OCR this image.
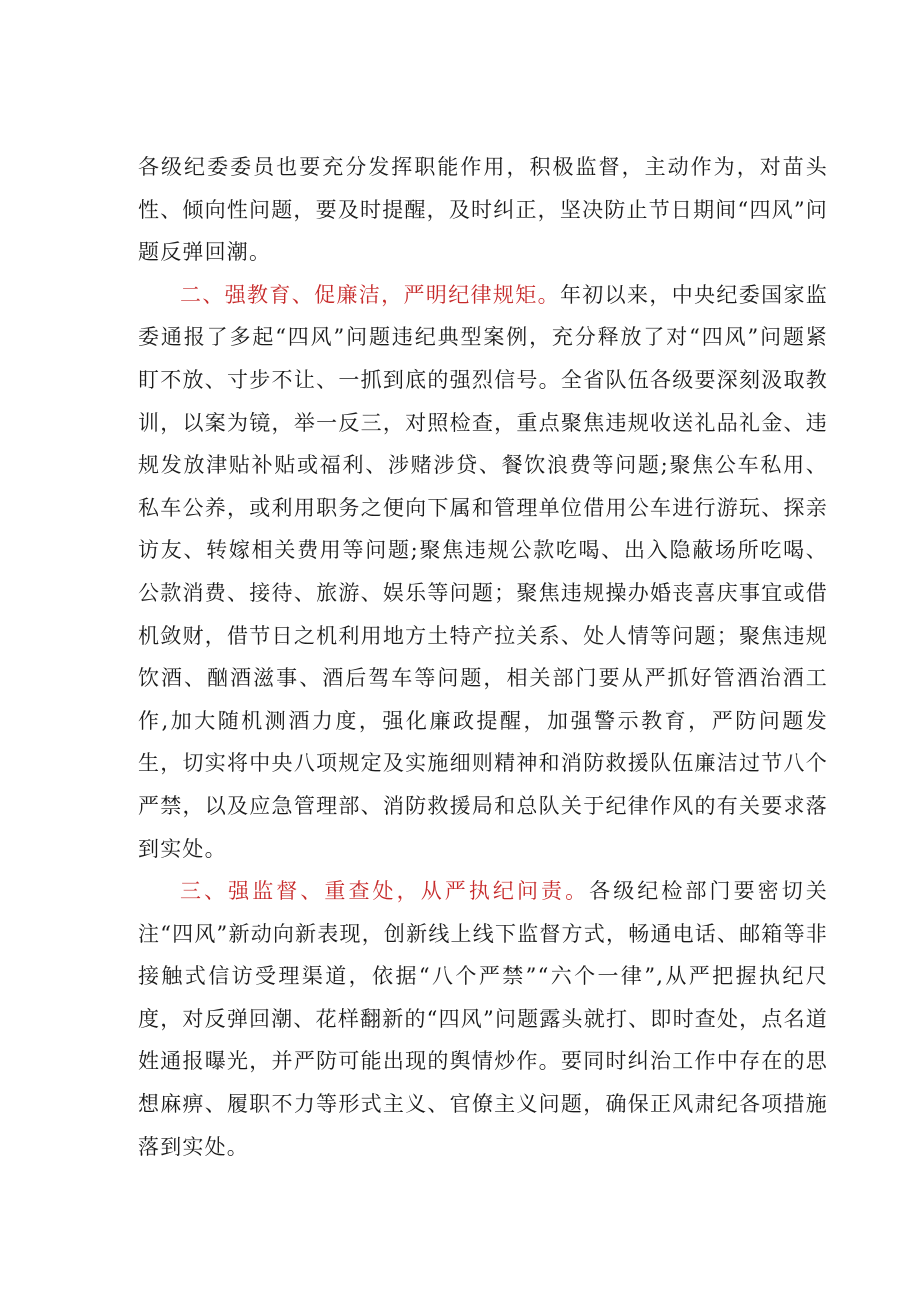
各级纪委委员也要充分发挥职能作用，积极监督，主动作为，对苗头性、倾向性问题，要及时提醒，及时纠正，坚决防止节日期间“四风”问题反弹回潮。

二、强教育、促廉洁，严明纪律规矩。年初以来，中央纪委国家监委通报了多起“四风”问题违纪典型案例，充分释放了对“四风”问题紧盯不放、寸步不让、一抓到底的强烈信号。全省队伍各级要深刻汲取教训，以案为镜，举一反三，对照检查，重点聚焦违规收送礼品礼金、违规发放津贴补贴或福利、涉赌涉贷、餐饮浪费等问题;聚焦公车私用、私车公养，或利用职务之便向下属和管理单位借用公车进行游玩、探亲访友、转嫁相关费用等问题;聚焦违规公款吃喝、出入隐蔽场所吃喝、公款消费、接待、旅游、娱乐等问题；聚焦违规操办婚丧喜庆事宜或借机敛财，借节日之机利用地方土特产拉关系、处人情等问题；聚焦违规饮酒、酗酒滋事、酒后驾车等问题，相关部门要从严抓好管酒治酒工作,加大随机测酒力度，强化廉政提醒，加强警示教育，严防问题发生，切实将中央八项规定及实施细则精神和消防救援队伍廉洁过节八个严禁，以及应急管理部、消防救援局和总队关于纪律作风的有关要求落到实处。

三、强监督、重查处，从严执纪问责。各级纪检部门要密切关注“四风”新动向新表现，创新线上线下监督方式，畅通电话、邮箱等非接触式信访受理渠道，依据“八个严禁”“六个一律”,从严把握执纪尺度，对反弹回潮、花样翻新的“四风”问题露头就打、即时查处，点名道姓通报曝光，并严防可能出现的舆情炒作。要同时纠治工作中存在的思想麻痹、履职不力等形式主义、官僚主义问题，确保正风肃纪各项措施落到实处。
